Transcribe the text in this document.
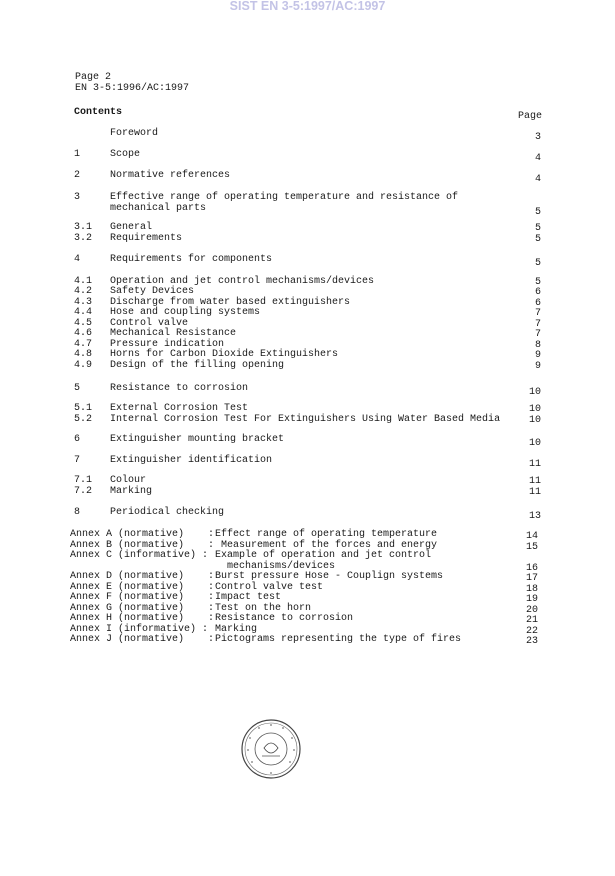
SIST EN 3-5:1997/AC:1997
Page 2
EN 3-5:1996/AC:1997
Contents	Page
Foreword	3
1	Scope	4
2	Normative references	4
3	Effective range of operating temperature and resistance of
mechanical parts	5
3.1 General	5
3.2 Requirements	5
4	Requirements for components	5
4.1 Operation and jet control mechanisms/devices	5
4.2 Safety Devices	6
4.3 Discharge from water based extinguishers	6
4.4 Hose and coupling systems	7
4.5 Control valve	7
4.6 Mechanical Resistance	7
4.7 Pressure indication	8
4.8 Horns for Carbon Dioxide Extinguishers	9
4.9 Design of the filling opening	9
5	Resistance to corrosion	10
5.1 External Corrosion Test	10
5.2 Internal Corrosion Test For Extinguishers Using Water Based Media	10
6	Extinguisher mounting bracket	10
7	Extinguisher identification	11
7.1 Colour	11
7.2 Marking	11
8	Periodical checking	13
Annex A (normative)    : Effect range of operating temperature	14
Annex B (normative)    : Measurement of the forces and energy	15
Annex C (informative) : Example of operation and jet control
mechanisms/devices	16
Annex D (normative)    : Burst pressure Hose - Couplign systems	17
Annex E (normative)    : Control valve test	18
Annex F (normative)    : Impact test	19
Annex G (normative)    : Test on the horn	20
Annex H (normative)    : Resistance to corrosion	21
Annex I (informative) : Marking	22
Annex J (normative)    : Pictograms representing the type of fires	23
